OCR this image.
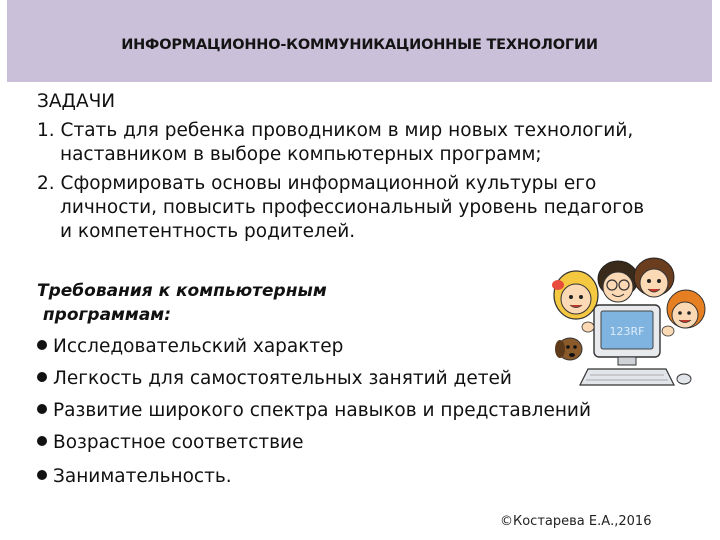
ИНФОРМАЦИОННО-КОММУНИКАЦИОННЫЕ ТЕХНОЛОГИИ

ЗАДАЧИ

1. Стать для ребенка проводником в мир новых технологий,

наставником в выборе компьютерных программ;

2. Сформировать основы информационной культуры его

личности, повысить профессиональный уровень педагогов

и компетентность родителей.

Требования к компьютерным

программам:

Исследовательский характер
Легкость для самостоятельных занятий детей
Развитие широкого спектра навыков и представлений
Возрастное соответствие
Занимательность.
123RF
©Костарева Е.А.,2016
